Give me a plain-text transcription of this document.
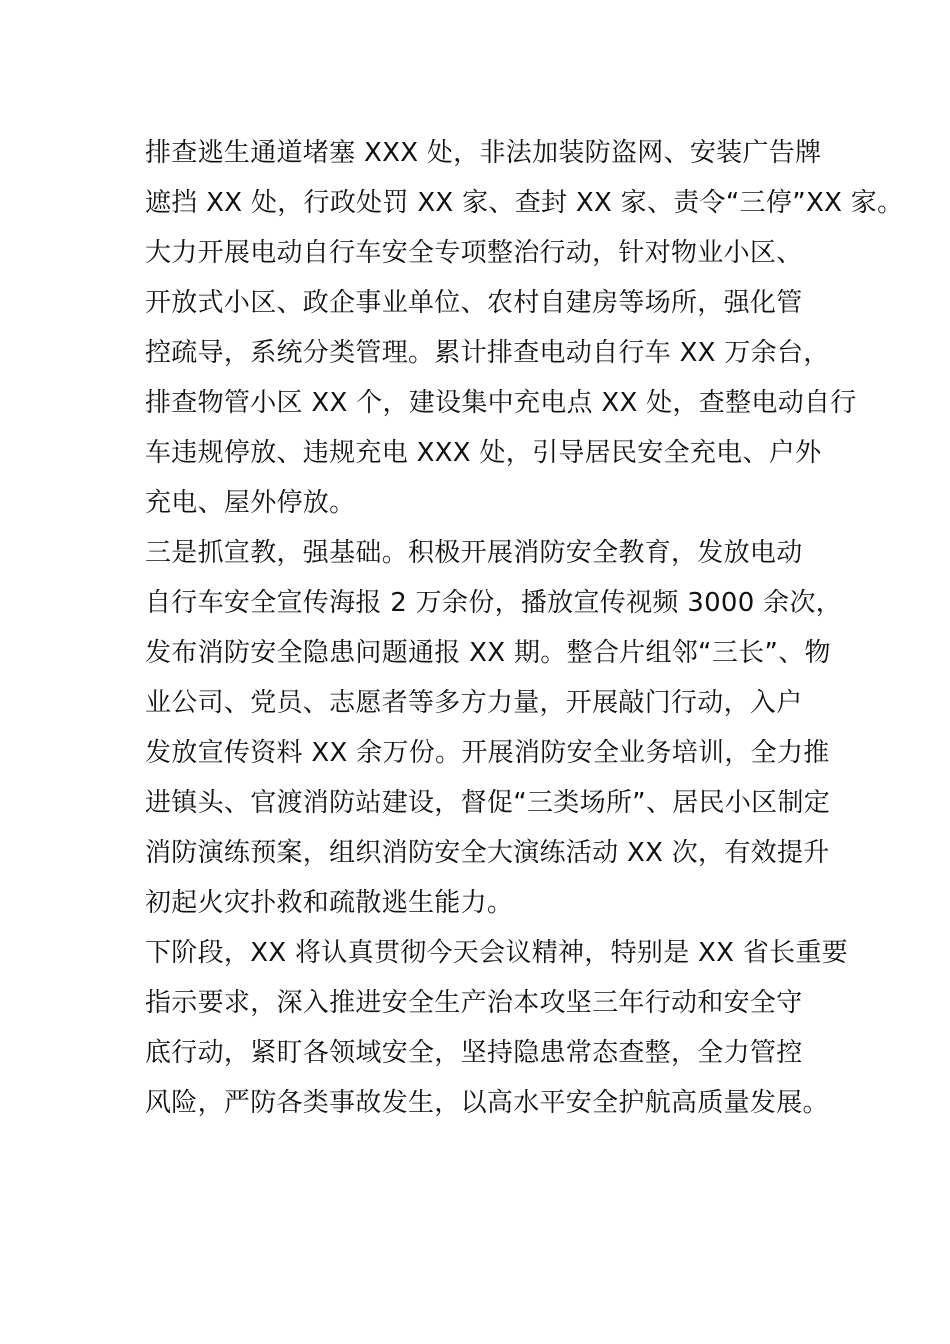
排查逃生通道堵塞 XXX 处，非法加装防盗网、安装广告牌
遮挡 XX 处，行政处罚 XX 家、查封 XX 家、责令“三停”XX 家。
大力开展电动自行车安全专项整治行动，针对物业小区、
开放式小区、政企事业单位、农村自建房等场所，强化管
控疏导，系统分类管理。累计排查电动自行车 XX 万余台，
排查物管小区 XX 个，建设集中充电点 XX 处，查整电动自行
车违规停放、违规充电 XXX 处，引导居民安全充电、户外
充电、屋外停放。
三是抓宣教，强基础。积极开展消防安全教育，发放电动
自行车安全宣传海报 2 万余份，播放宣传视频 3000 余次，
发布消防安全隐患问题通报 XX 期。整合片组邻“三长”、物
业公司、党员、志愿者等多方力量，开展敲门行动，入户
发放宣传资料 XX 余万份。开展消防安全业务培训，全力推
进镇头、官渡消防站建设，督促“三类场所”、居民小区制定
消防演练预案，组织消防安全大演练活动 XX 次，有效提升
初起火灾扑救和疏散逃生能力。
下阶段，XX 将认真贯彻今天会议精神，特别是 XX 省长重要
指示要求，深入推进安全生产治本攻坚三年行动和安全守
底行动，紧盯各领域安全，坚持隐患常态查整，全力管控
风险，严防各类事故发生，以高水平安全护航高质量发展。
